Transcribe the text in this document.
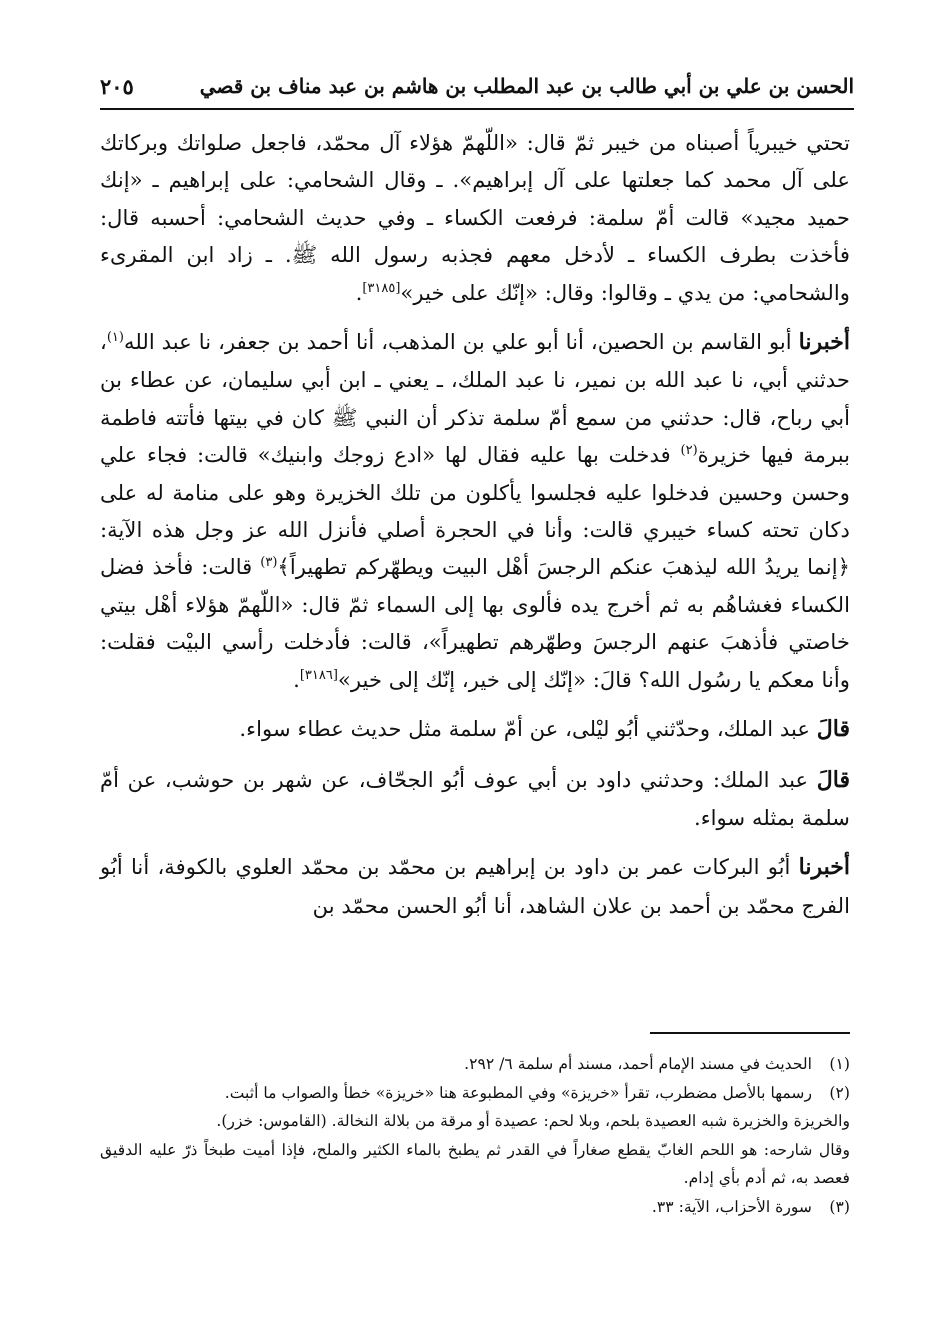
الحسن بن علي بن أبي طالب بن عبد المطلب بن هاشم بن عبد مناف بن قصي
٢٠٥

تحتي خيبرياً أصبناه من خيبر ثمّ قال: «اللّهمّ هؤلاء آل محمّد، فاجعل صلواتك وبركاتك على آل محمد كما جعلتها على آل إبراهيم». ـ وقال الشحامي: على إبراهيم ـ «إنك حميد مجيد» قالت أمّ سلمة: فرفعت الكساء ـ وفي حديث الشحامي: أحسبه قال: فأخذت بطرف الكساء ـ لأدخل معهم فجذبه رسول الله ﷺ. ـ زاد ابن المقرىء والشحامي: من يدي ـ وقالوا: وقال: «إنّك على خير»[٣١٨٥].

أخبرنا أبو القاسم بن الحصين، أنا أبو علي بن المذهب، أنا أحمد بن جعفر، نا عبد الله$^{(١)}$، حدثني أبي، نا عبد الله بن نمير، نا عبد الملك، ـ يعني ـ ابن أبي سليمان، عن عطاء بن أبي رباح، قال: حدثني من سمع أمّ سلمة تذكر أن النبي ﷺ كان في بيتها فأتته فاطمة ببرمة فيها خزيرة$^{(٢)}$ فدخلت بها عليه فقال لها «ادع زوجك وابنيك» قالت: فجاء علي وحسن وحسين فدخلوا عليه فجلسوا يأكلون من تلك الخزيرة وهو على منامة له على دكان تحته كساء خيبري قالت: وأنا في الحجرة أصلي فأنزل الله عز وجل هذه الآية: ﴿إنما يريدُ الله ليذهبَ عنكم الرجسَ أهْل البيت ويطهّركم تطهيراً﴾$^{(٣)}$ قالت: فأخذ فضل الكساء فغشاهُم به ثم أخرج يده فألوى بها إلى السماء ثمّ قال: «اللّهمّ هؤلاء أهْل بيتي خاصتي فأذهبَ عنهم الرجسَ وطهّرهم تطهيراً»، قالت: فأدخلت رأسي البيْت فقلت: وأنا معكم يا رسُول الله؟ قالَ: «إنّك إلى خير، إنّك إلى خير»[٣١٨٦].

قالَ عبد الملك، وحدّثني أبُو ليْلى، عن أمّ سلمة مثل حديث عطاء سواء.

قالَ عبد الملك: وحدثني داود بن أبي عوف أبُو الجحّاف، عن شهر بن حوشب، عن أمّ سلمة بمثله سواء.

أخبرنا أبُو البركات عمر بن داود بن إبراهيم بن محمّد بن محمّد العلوي بالكوفة، أنا أبُو الفرج محمّد بن أحمد بن علان الشاهد، أنا أبُو الحسن محمّد بن

(١)الحديث في مسند الإمام أحمد، مسند أم سلمة ٦/ ٢٩٢.

(٢)رسمها بالأصل مضطرب، تقرأ «خريزة» وفي المطبوعة هنا «خريزة» خطأ والصواب ما أثبت.

والخريزة والخزيرة شبه العصيدة بلحم، وبلا لحم: عصيدة أو مرقة من بلالة النخالة. (القاموس: خزر).

وقال شارحه: هو اللحم الغابّ يقطع صغاراً في القدر ثم يطبخ بالماء الكثير والملح، فإذا أميت طبخاً ذرّ عليه الدقيق فعصد به، ثم أدم بأي إدام.

(٣)سورة الأحزاب، الآية: ٣٣.
